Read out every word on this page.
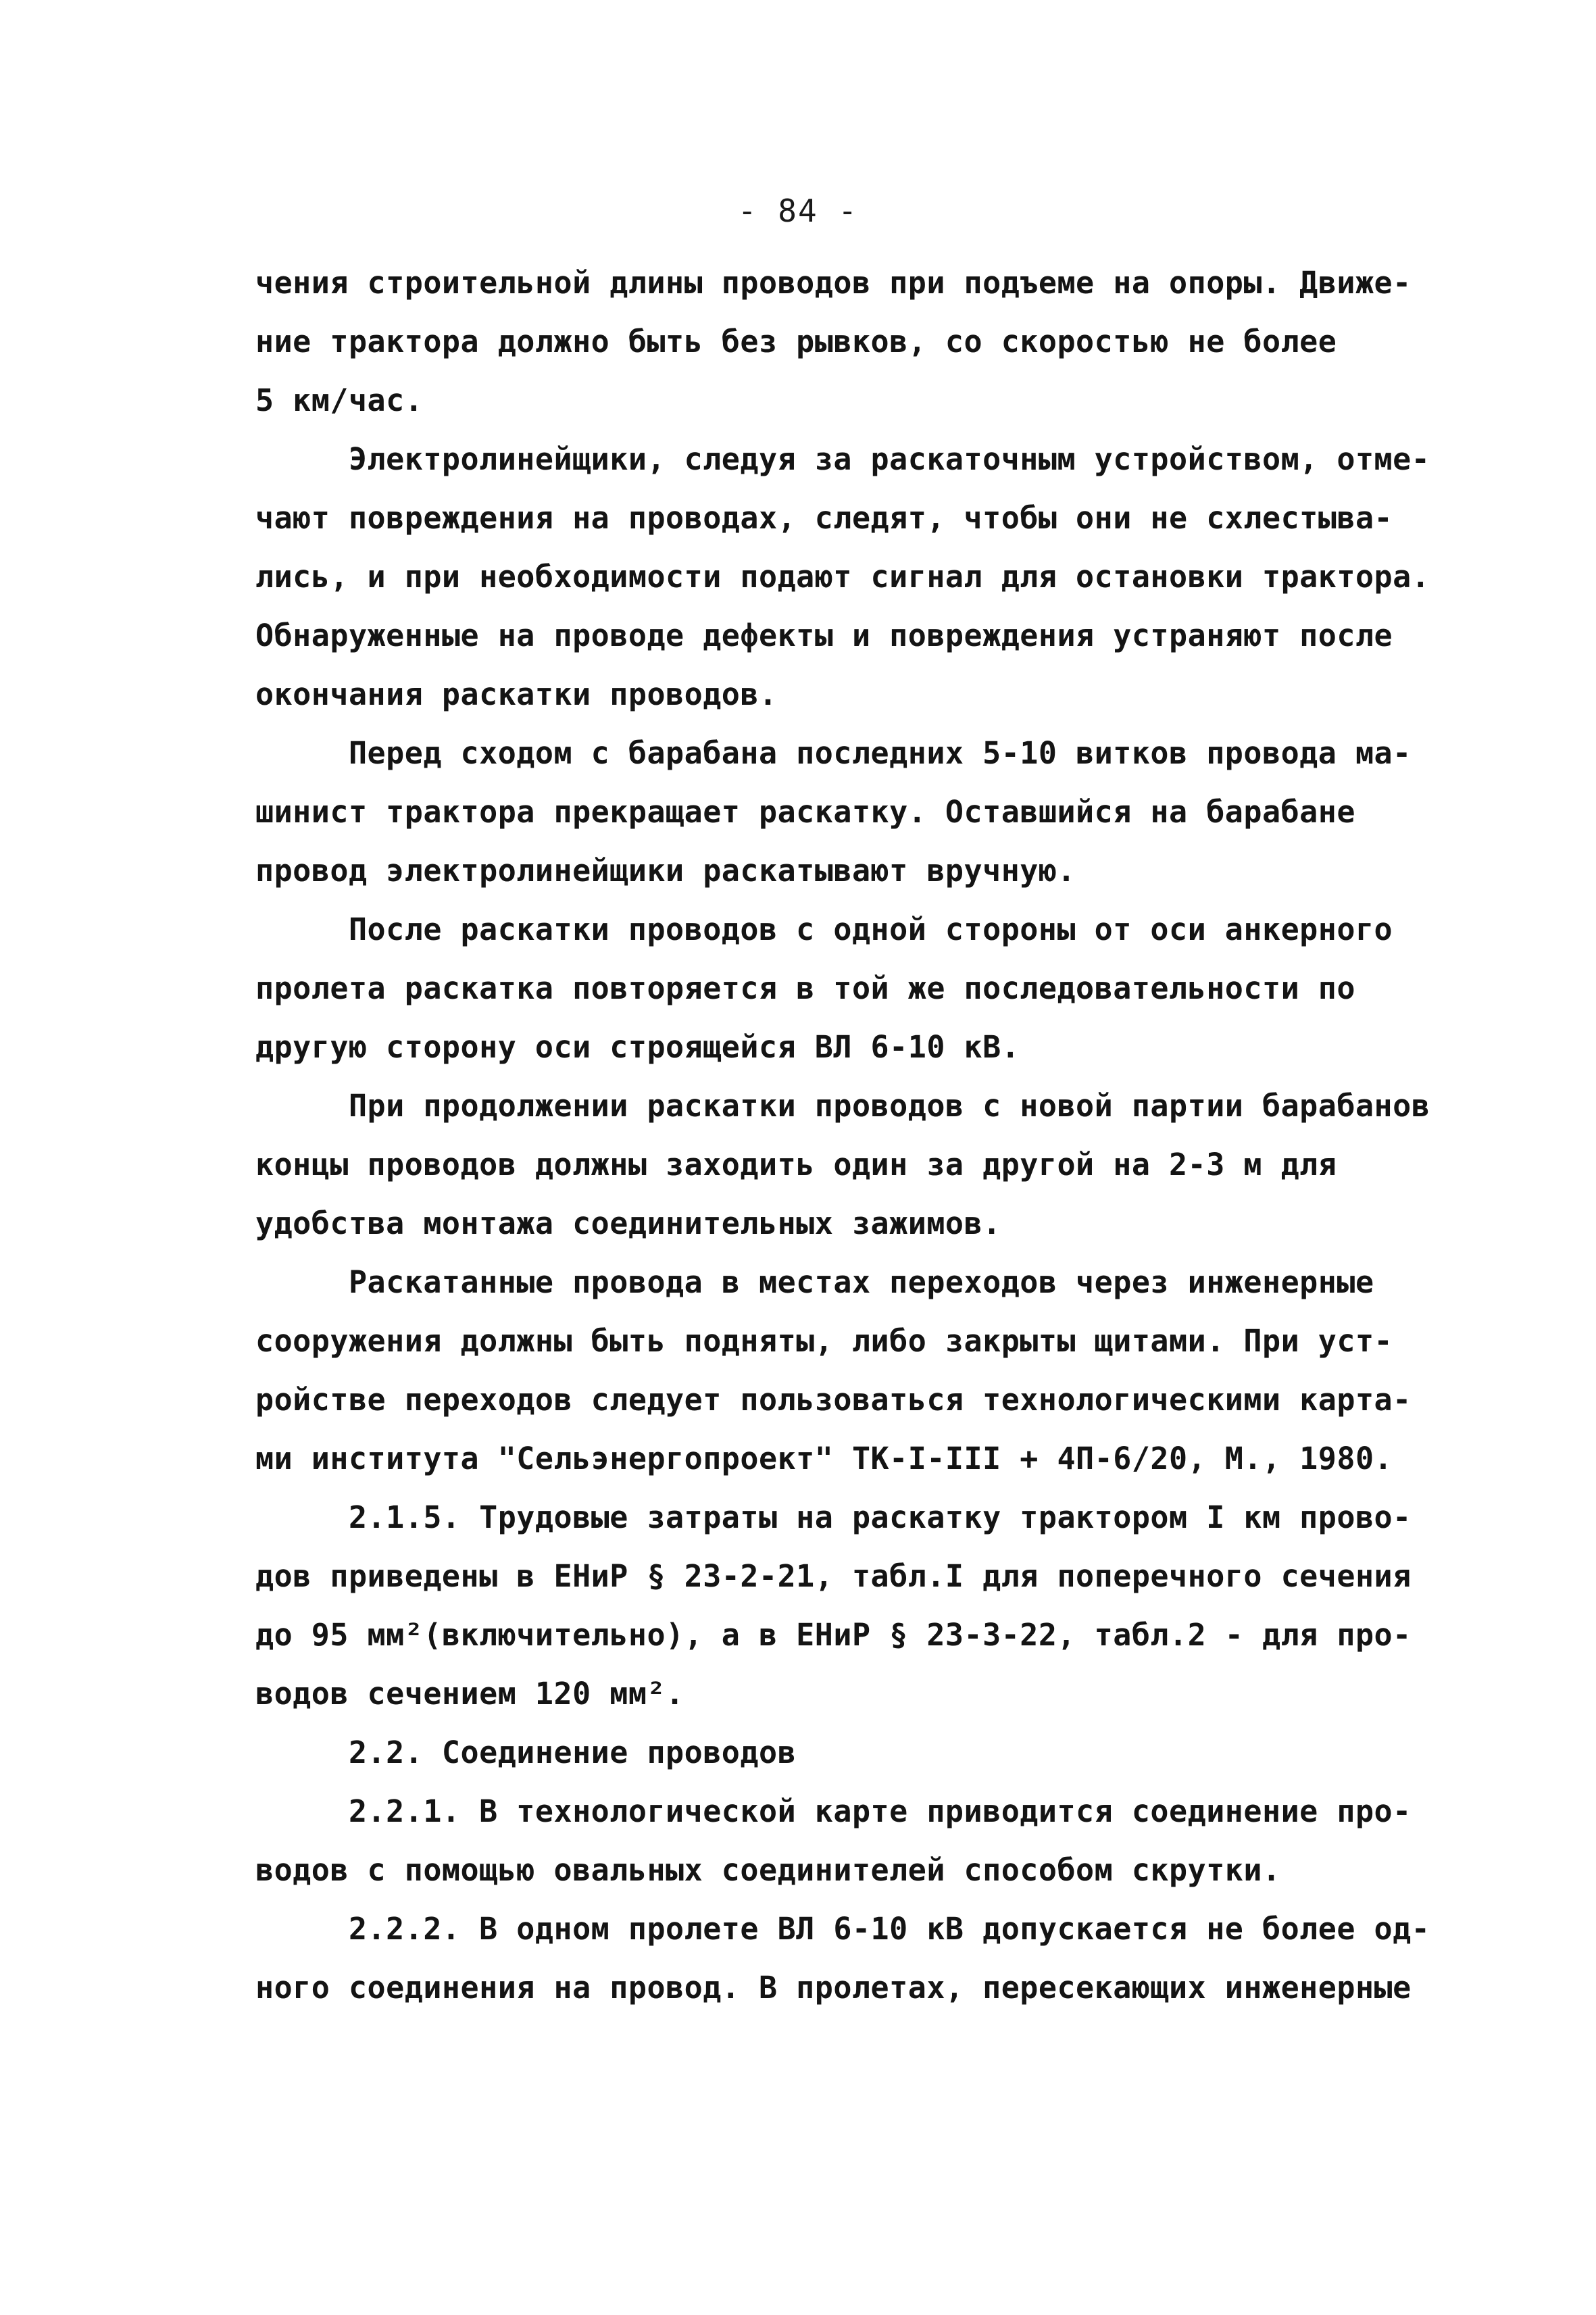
- 84 -
чения строительной длины проводов при подъеме на опоры. Движе-
ние трактора должно быть без рывков, со скоростью не более
5 км/час.
Электролинейщики, следуя за раскаточным устройством, отме-
чают повреждения на проводах, следят, чтобы они не схлестыва-
лись, и при необходимости подают сигнал для остановки трактора.
Обнаруженные на проводе дефекты и повреждения устраняют после
окончания раскатки проводов.
Перед сходом с барабана последних 5-10 витков провода ма-
шинист трактора прекращает раскатку. Оставшийся на барабане
провод электролинейщики раскатывают вручную.
После раскатки проводов с одной стороны от оси анкерного
пролета раскатка повторяется в той же последовательности по
другую сторону оси строящейся ВЛ 6-10 кВ.
При продолжении раскатки проводов с новой партии барабанов
концы проводов должны заходить один за другой на 2-3 м для
удобства монтажа соединительных зажимов.
Раскатанные провода в местах переходов через инженерные
сооружения должны быть подняты, либо закрыты щитами. При уст-
ройстве переходов следует пользоваться технологическими карта-
ми института "Сельэнергопроект" ТК-I-III + 4П-6/20, М., 1980.
2.1.5. Трудовые затраты на раскатку трактором I км прово-
дов приведены в ЕНиР § 23-2-21, табл.I для поперечного сечения
до 95 мм²(включительно), а в ЕНиР § 23-3-22, табл.2 - для про-
водов сечением 120 мм².
2.2. Соединение проводов
2.2.1. В технологической карте приводится соединение про-
водов с помощью овальных соединителей способом скрутки.
2.2.2. В одном пролете ВЛ 6-10 кВ допускается не более од-
ного соединения на провод. В пролетах, пересекающих инженерные
